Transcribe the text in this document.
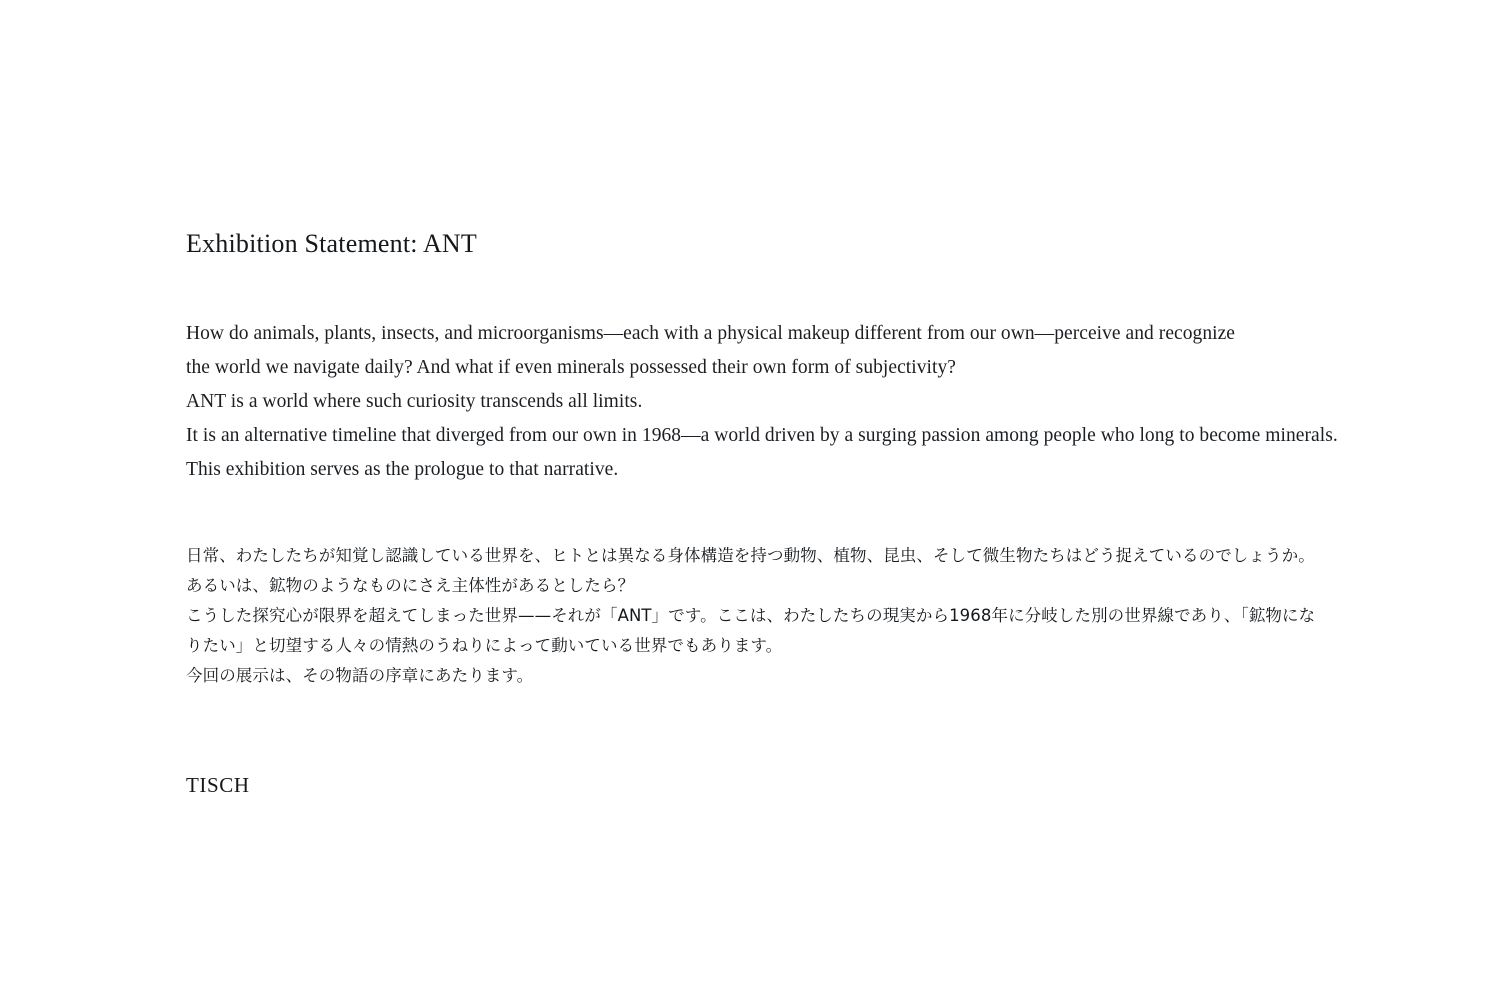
Exhibition Statement: ANT

How do animals, plants, insects, and microorganisms—each with a physical makeup different from our own—perceive and recognize

the world we navigate daily? And what if even minerals possessed their own form of subjectivity?

ANT is a world where such curiosity transcends all limits.

It is an alternative timeline that diverged from our own in 1968—a world driven by a surging passion among people who long to become minerals.

This exhibition serves as the prologue to that narrative.

日常、わたしたちが知覚し認識している世界を、ヒトとは異なる身体構造を持つ動物、植物、昆虫、そして微生物たちはどう捉えているのでしょうか。

あるいは、鉱物のようなものにさえ主体性があるとしたら？

こうした探究心が限界を超えてしまった世界——それが「ANT」です。ここは、わたしたちの現実から1968年に分岐した別の世界線であり、「鉱物にな

りたい」と切望する人々の情熱のうねりによって動いている世界でもあります。

今回の展示は、その物語の序章にあたります。

TISCH
